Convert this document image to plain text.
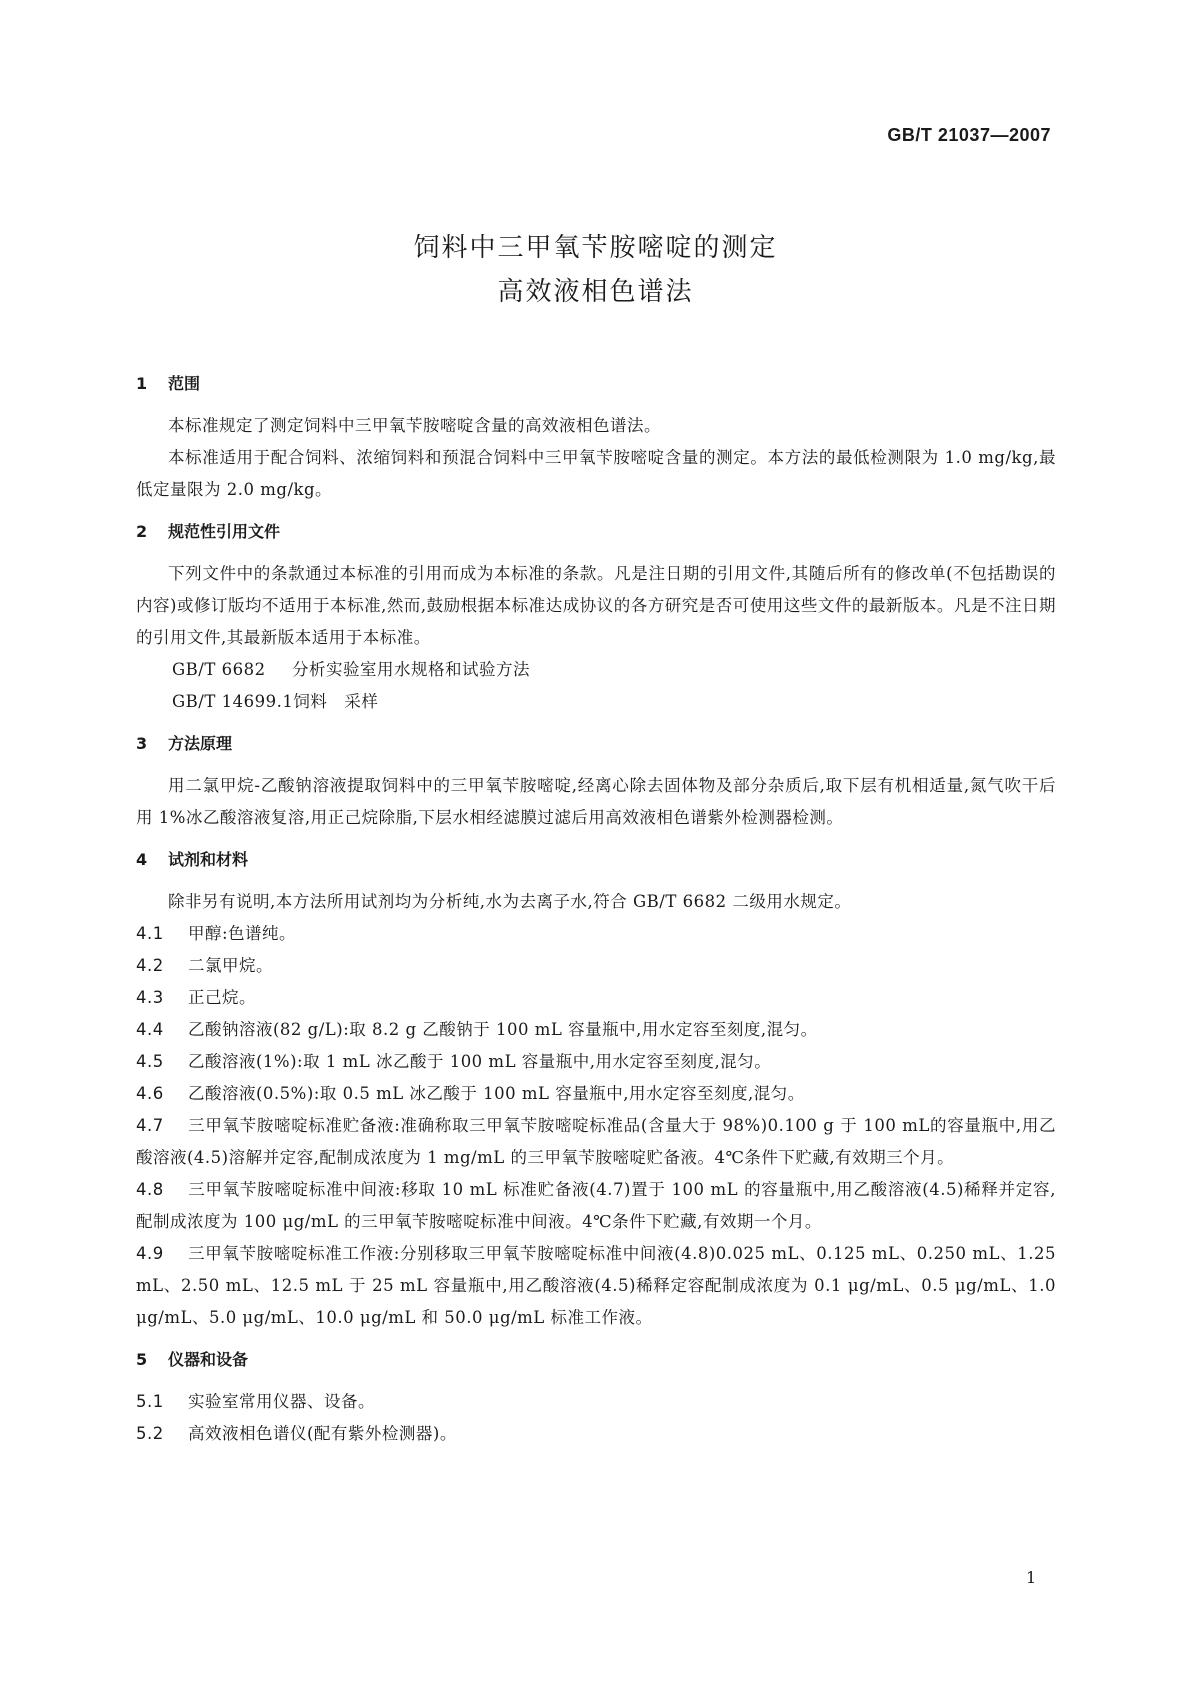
GB/T 21037—2007
饲料中三甲氧苄胺嘧啶的测定
高效液相色谱法
1 范围
本标准规定了测定饲料中三甲氧苄胺嘧啶含量的高效液相色谱法。
本标准适用于配合饲料、浓缩饲料和预混合饲料中三甲氧苄胺嘧啶含量的测定。本方法的最低检测限为 1.0 mg/kg,最低定量限为 2.0 mg/kg。
2 规范性引用文件
下列文件中的条款通过本标准的引用而成为本标准的条款。凡是注日期的引用文件,其随后所有的修改单(不包括勘误的内容)或修订版均不适用于本标准,然而,鼓励根据本标准达成协议的各方研究是否可使用这些文件的最新版本。凡是不注日期的引用文件,其最新版本适用于本标准。
GB/T 6682 分析实验室用水规格和试验方法
GB/T 14699.1饲料　采样
3 方法原理
用二氯甲烷-乙酸钠溶液提取饲料中的三甲氧苄胺嘧啶,经离心除去固体物及部分杂质后,取下层有机相适量,氮气吹干后用 1%冰乙酸溶液复溶,用正己烷除脂,下层水相经滤膜过滤后用高效液相色谱紫外检测器检测。
4 试剂和材料
除非另有说明,本方法所用试剂均为分析纯,水为去离子水,符合 GB/T 6682 二级用水规定。
4.1 甲醇:色谱纯。
4.2 二氯甲烷。
4.3 正己烷。
4.4 乙酸钠溶液(82 g/L):取 8.2 g 乙酸钠于 100 mL 容量瓶中,用水定容至刻度,混匀。
4.5 乙酸溶液(1%):取 1 mL 冰乙酸于 100 mL 容量瓶中,用水定容至刻度,混匀。
4.6 乙酸溶液(0.5%):取 0.5 mL 冰乙酸于 100 mL 容量瓶中,用水定容至刻度,混匀。
4.7 三甲氧苄胺嘧啶标准贮备液:准确称取三甲氧苄胺嘧啶标准品(含量大于 98%)0.100 g 于 100 mL的容量瓶中,用乙酸溶液(4.5)溶解并定容,配制成浓度为 1 mg/mL 的三甲氧苄胺嘧啶贮备液。4℃条件下贮藏,有效期三个月。
4.8 三甲氧苄胺嘧啶标准中间液:移取 10 mL 标准贮备液(4.7)置于 100 mL 的容量瓶中,用乙酸溶液(4.5)稀释并定容,配制成浓度为 100 μg/mL 的三甲氧苄胺嘧啶标准中间液。4℃条件下贮藏,有效期一个月。
4.9 三甲氧苄胺嘧啶标准工作液:分别移取三甲氧苄胺嘧啶标准中间液(4.8)0.025 mL、0.125 mL、0.250 mL、1.25 mL、2.50 mL、12.5 mL 于 25 mL 容量瓶中,用乙酸溶液(4.5)稀释定容配制成浓度为 0.1 μg/mL、0.5 μg/mL、1.0 μg/mL、5.0 μg/mL、10.0 μg/mL 和 50.0 μg/mL 标准工作液。
5 仪器和设备
5.1 实验室常用仪器、设备。
5.2 高效液相色谱仪(配有紫外检测器)。
1
